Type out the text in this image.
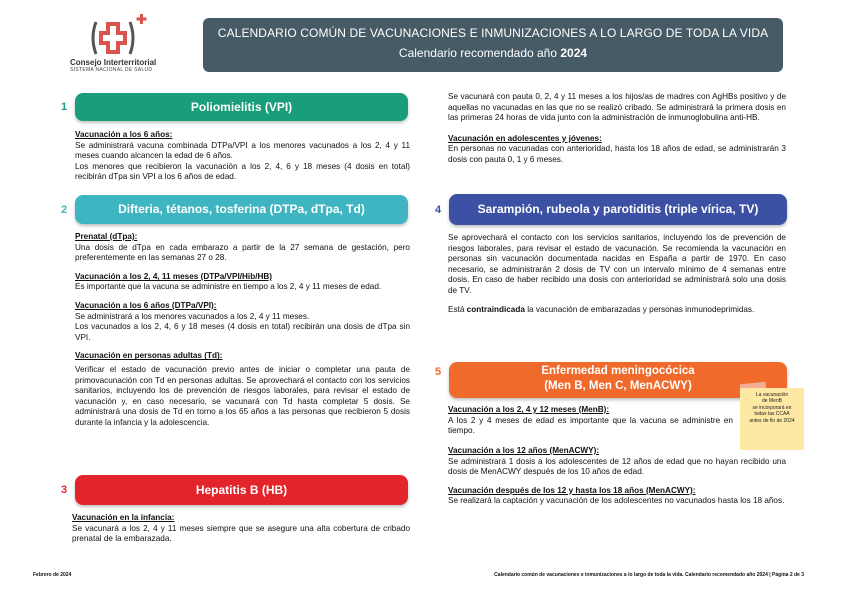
Consejo Interterritorial
SISTEMA NACIONAL DE SALUD
CALENDARIO COMÚN DE VACUNACIONES E INMUNIZACIONES A LO LARGO DE TODA LA VIDA
Calendario recomendado año 2024
1	Poliomielitis (VPI)
Vacunación a los 6 años:
Se administrará vacuna combinada DTPa/VPI a los menores vacunados a los 2, 4 y 11 meses cuando alcancen la edad de 6 años.
Los menores que recibieron la vacunación a los 2, 4, 6 y 18 meses (4 dosis en total) recibirán dTpa sin VPI a los 6 años de edad.
2	Difteria, tétanos, tosferina (DTPa, dTpa, Td)
Prenatal (dTpa):
Una dosis de dTpa en cada embarazo a partir de la 27 semana de gestación, pero preferentemente en las semanas 27 o 28.
Vacunación a los 2, 4, 11 meses (DTPa/VPI/Hib/HB)
Es importante que la vacuna se administre en tiempo a los 2, 4 y 11 meses de edad.
Vacunación a los 6 años (DTPa/VPI):
Se administrará a los menores vacunados a los 2, 4 y 11 meses.
Los vacunados a los 2, 4, 6 y 18 meses (4 dosis en total) recibirán una dosis de dTpa sin VPI.
Vacunación en personas adultas (Td):
Verificar el estado de vacunación previo antes de iniciar o completar una pauta de primovacunación con Td en personas adultas. Se aprovechará el contacto con los servicios sanitarios, incluyendo los de prevención de riesgos laborales, para revisar el estado de vacunación y, en caso necesario, se vacunará con Td hasta completar 5 dosis. Se administrará una dosis de Td en torno a los 65 años a las personas que recibieron 5 dosis durante la infancia y la adolescencia.
3	Hepatitis B (HB)
Vacunación en la infancia:
Se vacunará a los 2, 4 y 11 meses siempre que se asegure una alta cobertura de cribado prenatal de la embarazada.
Se vacunará con pauta 0, 2, 4 y 11 meses a los hijos/as de madres con AgHBs positivo y de aquellas no vacunadas en las que no se realizó cribado. Se administrará la primera dosis en las primeras 24 horas de vida junto con la administración de inmunoglobulina anti-HB.
Vacunación en adolescentes y jóvenes:
En personas no vacunadas con anterioridad, hasta los 18 años de edad, se administrarán 3 dosis con pauta 0, 1 y 6 meses.
4	Sarampión, rubeola y parotiditis (triple vírica, TV)
Se aprovechará el contacto con los servicios sanitarios, incluyendo los de prevención de riesgos laborales, para revisar el estado de vacunación. Se recomienda la vacunación en personas sin vacunación documentada nacidas en España a partir de 1970. En caso necesario, se administrarán 2 dosis de TV con un intervalo mínimo de 4 semanas entre dosis. En caso de haber recibido una dosis con anterioridad se administrará solo una dosis de TV.
Está contraindicada la vacunación de embarazadas y personas inmunodeprimidas.
5	Enfermedad meningocócica
(Men B, Men C, MenACWY)
Vacunación a los 2, 4 y 12 meses (MenB):
A los 2 y 4 meses de edad es importante que la vacuna se administre en tiempo.
Vacunación a los 12 años (MenACWY):
Se administrará 1 dosis a los adolescentes de 12 años de edad que no hayan recibido una dosis de MenACWY después de los 10 años de edad.
Vacunación después de los 12 y hasta los 18 años (MenACWY):
Se realizará la captación y vacunación de los adolescentes no vacunados hasta los 18 años.
La vacunación
de MenB
se incorporará en
todas las CCAA
antes de fin de 2024
Febrero de 2024	Calendario común de vacunaciones e inmunizaciones a lo largo de toda la vida. Calendario recomendado año 2024 | Página 2 de 3
